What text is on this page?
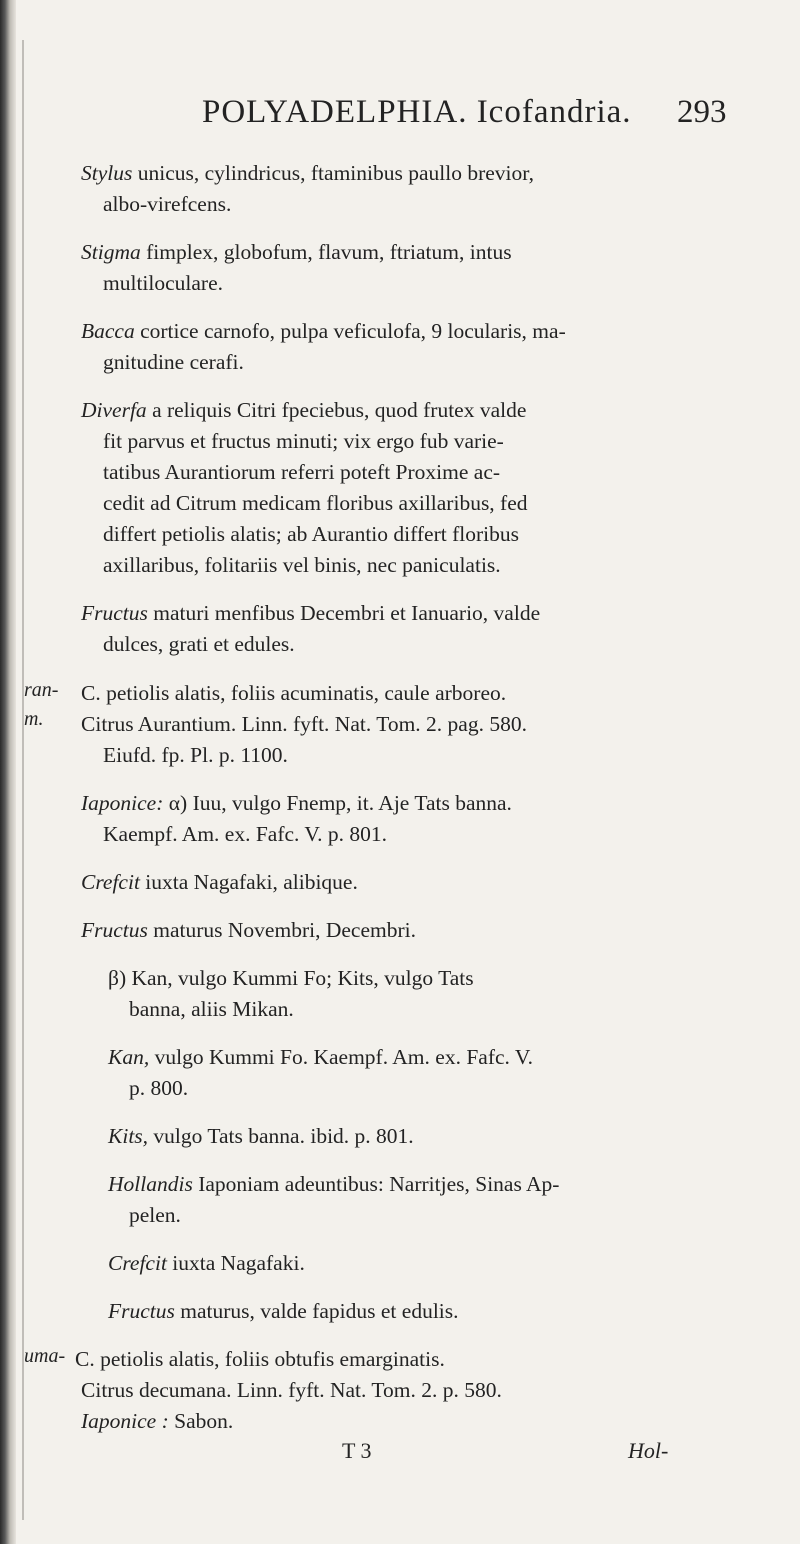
POLYADELPHIA. Icofandria. 293
Stylus unicus, cylindricus, ftaminibus paullo brevior,
albo-virefcens.
Stigma fimplex, globofum, flavum, ftriatum, intus
multiloculare.
Bacca cortice carnofo, pulpa veficulofa, 9 locularis, ma-
gnitudine cerafi.
Diverfa a reliquis Citri fpeciebus, quod frutex valde
fit parvus et fructus minuti; vix ergo fub varie-
tatibus Aurantiorum referri poteft Proxime ac-
cedit ad Citrum medicam floribus axillaribus, fed
differt petiolis alatis; ab Aurantio differt floribus
axillaribus, folitariis vel binis, nec paniculatis.
Fructus maturi menfibus Decembri et Ianuario, valde
dulces, grati et edules.
ran-
m.
C. petiolis alatis, foliis acuminatis, caule arboreo.
Citrus Aurantium. Linn. fyft. Nat. Tom. 2. pag. 580.
Eiufd. fp. Pl. p. 1100.
Iaponice: α) Iuu, vulgo Fnemp, it. Aje Tats banna.
Kaempf. Am. ex. Fafc. V. p. 801.
Crefcit iuxta Nagafaki, alibique.
Fructus maturus Novembri, Decembri.
β) Kan, vulgo Kummi Fo; Kits, vulgo Tats
banna, aliis Mikan.
Kan, vulgo Kummi Fo. Kaempf. Am. ex. Fafc. V.
p. 800.
Kits, vulgo Tats banna. ibid. p. 801.
Hollandis Iaponiam adeuntibus: Narritjes, Sinas Ap-
pelen.
Crefcit iuxta Nagafaki.
Fructus maturus, valde fapidus et edulis.
uma- C. petiolis alatis, foliis obtufis emarginatis.
Citrus decumana. Linn. fyft. Nat. Tom. 2. p. 580.
Iaponice : Sabon.
T 3	Hol-
